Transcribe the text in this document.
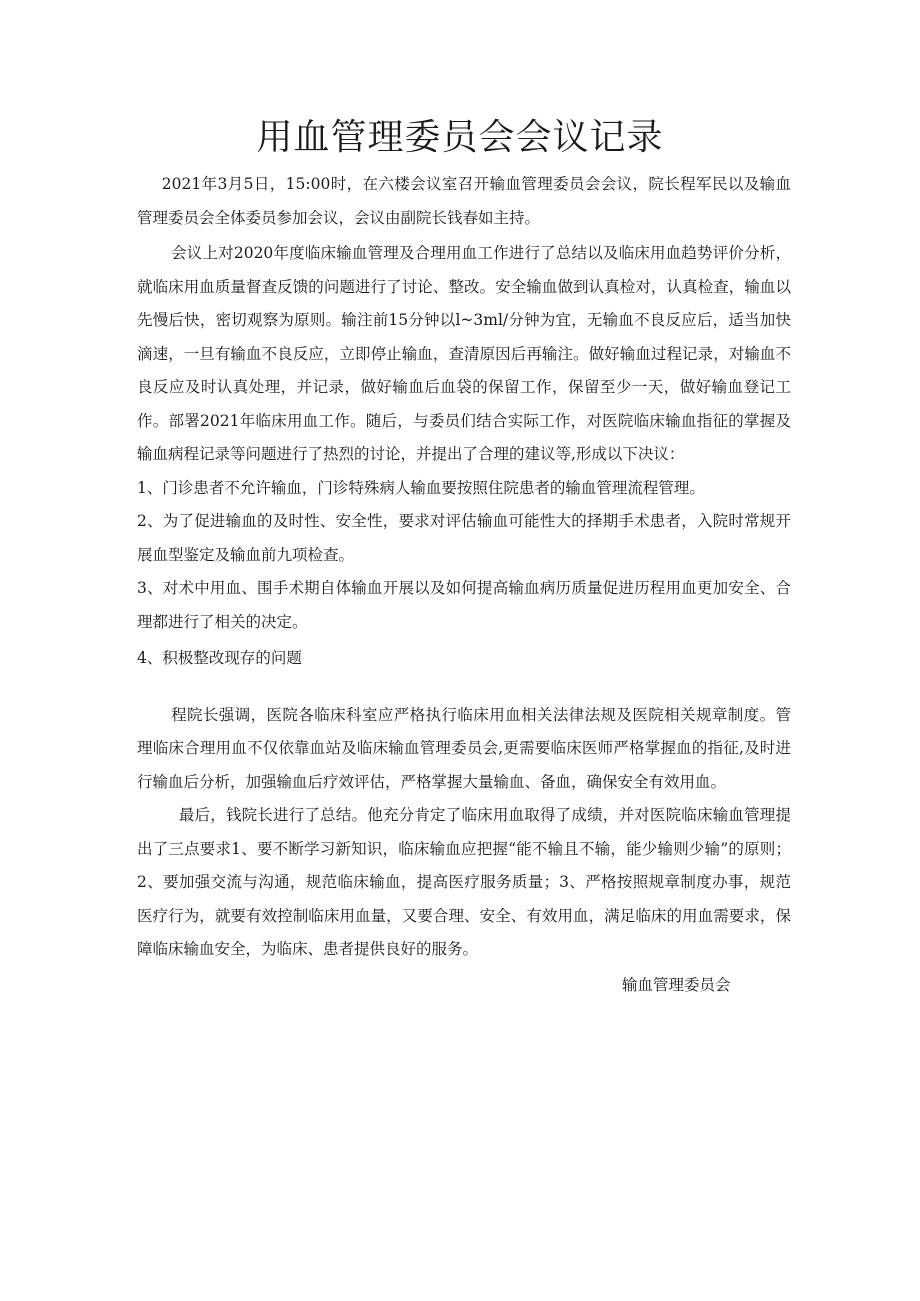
用血管理委员会会议记录

2021年3月5日，15:00时，在六楼会议室召开输血管理委员会会议，院长程军民以及输血管理委员会全体委员参加会议，会议由副院长钱春如主持。

会议上对2020年度临床输血管理及合理用血工作进行了总结以及临床用血趋势评价分析，就临床用血质量督查反馈的问题进行了讨论、整改。安全输血做到认真检对，认真检查，输血以先慢后快，密切观察为原则。输注前15分钟以l~3ml/分钟为宜，无输血不良反应后，适当加快滴速，一旦有输血不良反应，立即停止输血，查清原因后再输注。做好输血过程记录，对输血不良反应及时认真处理，并记录，做好输血后血袋的保留工作，保留至少一天，做好输血登记工作。部署2021年临床用血工作。随后，与委员们结合实际工作，对医院临床输血指征的掌握及输血病程记录等问题进行了热烈的讨论，并提出了合理的建议等,形成以下决议：

1、门诊患者不允许输血，门诊特殊病人输血要按照住院患者的输血管理流程管理。

2、为了促进输血的及时性、安全性，要求对评估输血可能性大的择期手术患者，入院时常规开展血型鉴定及输血前九项检查。

3、对术中用血、围手术期自体输血开展以及如何提高输血病历质量促进历程用血更加安全、合理都进行了相关的决定。

4、积极整改现存的问题

程院长强调，医院各临床科室应严格执行临床用血相关法律法规及医院相关规章制度。管理临床合理用血不仅依靠血站及临床输血管理委员会,更需要临床医师严格掌握血的指征,及时进行输血后分析，加强输血后疗效评估，严格掌握大量输血、备血，确保安全有效用血。

最后，钱院长进行了总结。他充分肯定了临床用血取得了成绩，并对医院临床输血管理提出了三点要求1、要不断学习新知识，临床输血应把握“能不输且不输，能少输则少输”的原则；2、要加强交流与沟通，规范临床输血，提高医疗服务质量；3、严格按照规章制度办事，规范医疗行为，就要有效控制临床用血量，又要合理、安全、有效用血，满足临床的用血需要求，保障临床输血安全，为临床、患者提供良好的服务。

输血管理委员会
